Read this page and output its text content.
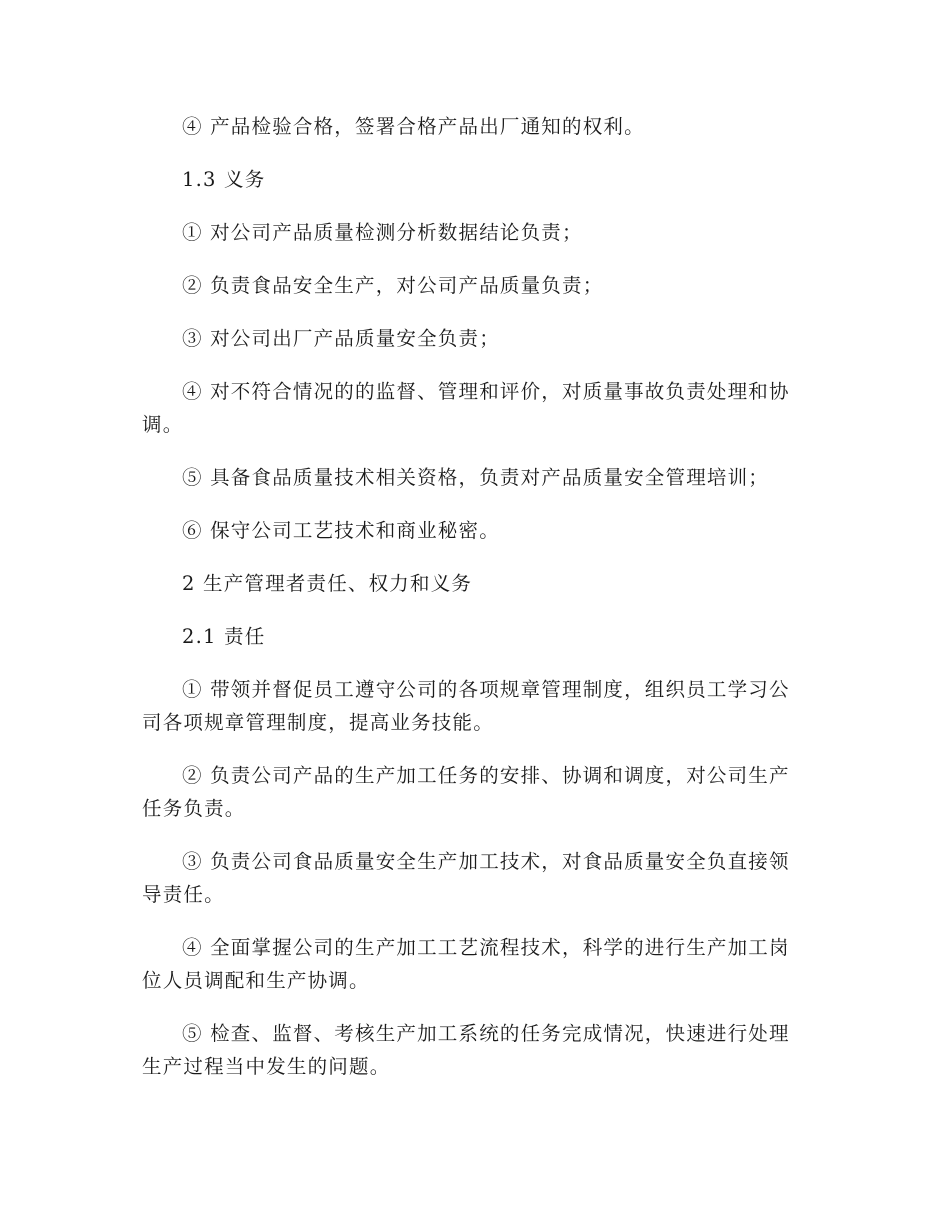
④ 产品检验合格，签署合格产品出厂通知的权利。

1.3 义务

① 对公司产品质量检测分析数据结论负责；

② 负责食品安全生产，对公司产品质量负责；

③ 对公司出厂产品质量安全负责；

④ 对不符合情况的的监督、管理和评价，对质量事故负责处理和协调。

⑤ 具备食品质量技术相关资格，负责对产品质量安全管理培训；

⑥ 保守公司工艺技术和商业秘密。

2 生产管理者责任、权力和义务

2.1 责任

① 带领并督促员工遵守公司的各项规章管理制度，组织员工学习公司各项规章管理制度，提高业务技能。

② 负责公司产品的生产加工任务的安排、协调和调度，对公司生产任务负责。

③ 负责公司食品质量安全生产加工技术，对食品质量安全负直接领导责任。

④ 全面掌握公司的生产加工工艺流程技术，科学的进行生产加工岗位人员调配和生产协调。

⑤ 检查、监督、考核生产加工系统的任务完成情况，快速进行处理生产过程当中发生的问题。
